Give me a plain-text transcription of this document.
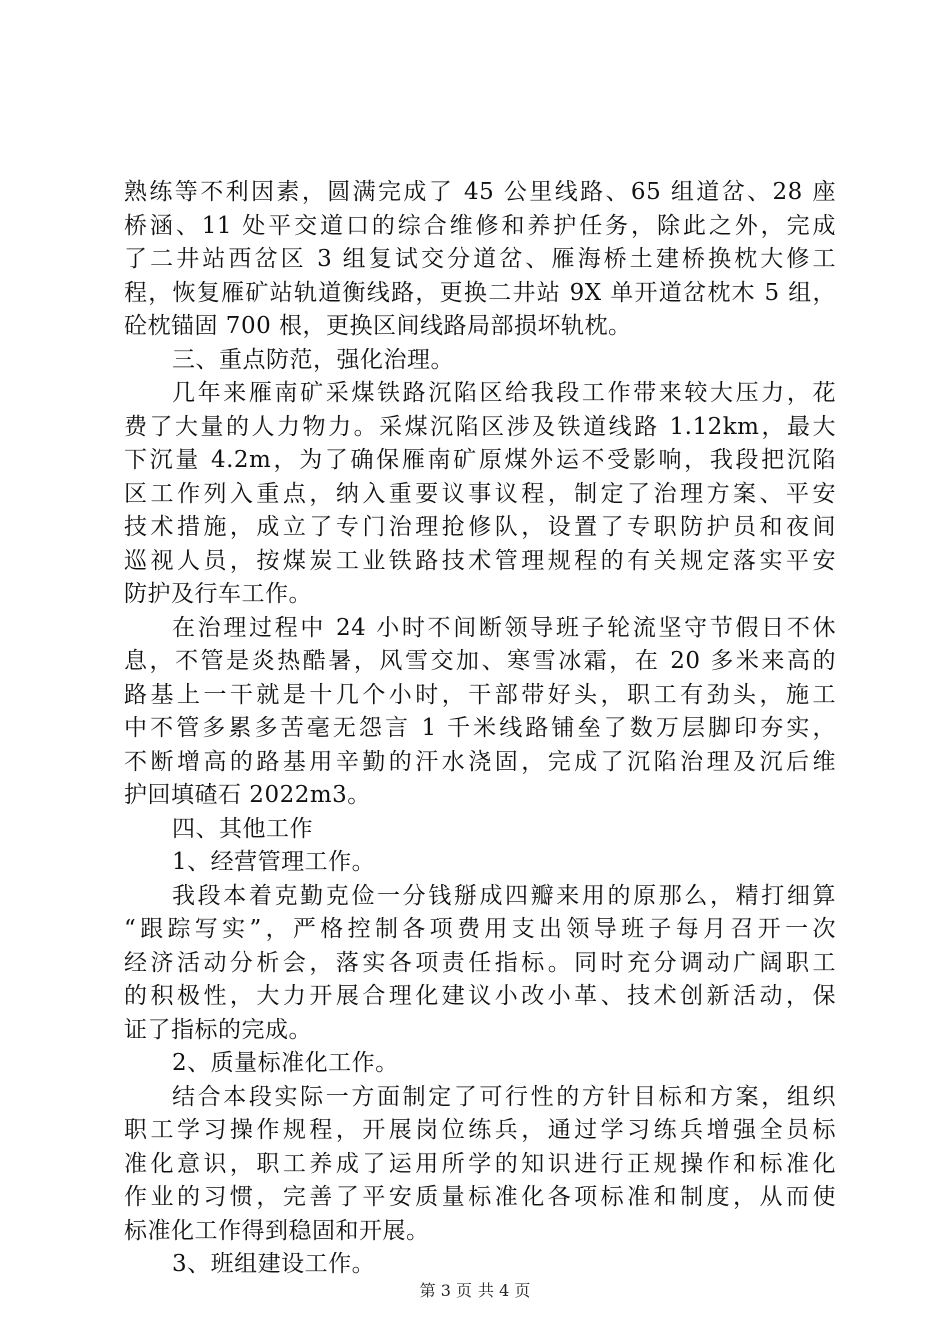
熟练等不利因素，圆满完成了 45 公里线路、65 组道岔、28 座
桥涵、11 处平交道口的综合维修和养护任务，除此之外，完成
了二井站西岔区 3 组复试交分道岔、雁海桥土建桥换枕大修工
程，恢复雁矿站轨道衡线路，更换二井站 9X 单开道岔枕木 5 组，
砼枕锚固 700 根，更换区间线路局部损坏轨枕。
三、重点防范，强化治理。
几年来雁南矿采煤铁路沉陷区给我段工作带来较大压力，花
费了大量的人力物力。采煤沉陷区涉及铁道线路 1.12km，最大
下沉量 4.2m，为了确保雁南矿原煤外运不受影响，我段把沉陷
区工作列入重点，纳入重要议事议程，制定了治理方案、平安
技术措施，成立了专门治理抢修队，设置了专职防护员和夜间
巡视人员，按煤炭工业铁路技术管理规程的有关规定落实平安
防护及行车工作。
在治理过程中 24 小时不间断领导班子轮流坚守节假日不休
息，不管是炎热酷暑，风雪交加、寒雪冰霜，在 20 多米来高的
路基上一干就是十几个小时，干部带好头，职工有劲头，施工
中不管多累多苦毫无怨言 1 千米线路铺垒了数万层脚印夯实，
不断增高的路基用辛勤的汗水浇固，完成了沉陷治理及沉后维
护回填碴石 2022m3。
四、其他工作
1、经营管理工作。
我段本着克勤克俭一分钱掰成四瓣来用的原那么，精打细算
“跟踪写实”，严格控制各项费用支出领导班子每月召开一次
经济活动分析会，落实各项责任指标。同时充分调动广阔职工
的积极性，大力开展合理化建议小改小革、技术创新活动，保
证了指标的完成。
2、质量标准化工作。
结合本段实际一方面制定了可行性的方针目标和方案，组织
职工学习操作规程，开展岗位练兵，通过学习练兵增强全员标
准化意识，职工养成了运用所学的知识进行正规操作和标准化
作业的习惯，完善了平安质量标准化各项标准和制度，从而使
标准化工作得到稳固和开展。
3、班组建设工作。
第 3 页 共 4 页
